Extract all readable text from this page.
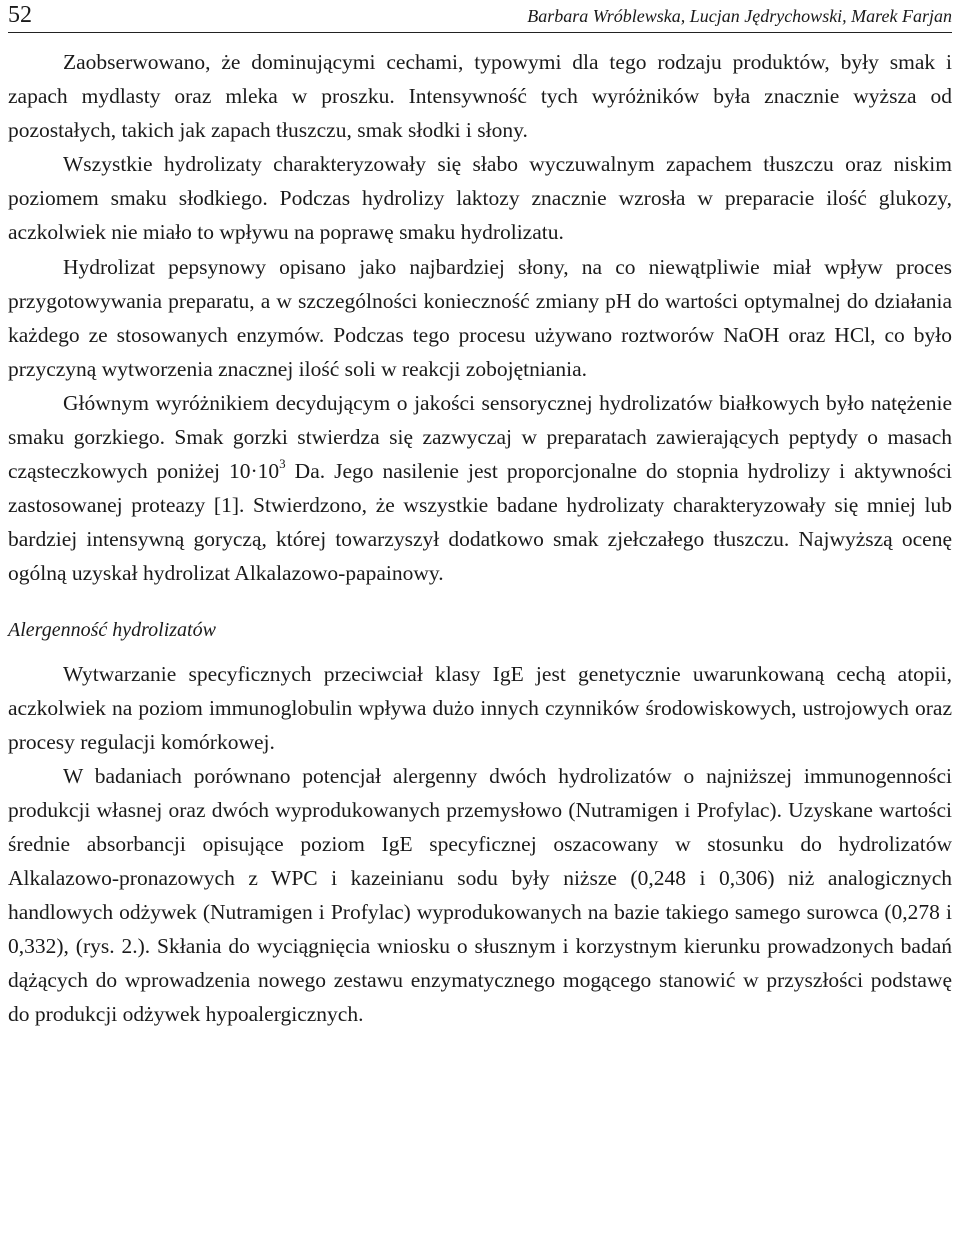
52	Barbara Wróblewska, Lucjan Jędrychowski, Marek Farjan

Zaobserwowano, że dominującymi cechami, typowymi dla tego rodzaju produktów, były smak i zapach mydlasty oraz mleka w proszku. Intensywność tych wyróżników była znacznie wyższa od pozostałych, takich jak zapach tłuszczu, smak słodki i słony.

Wszystkie hydrolizaty charakteryzowały się słabo wyczuwalnym zapachem tłuszczu oraz niskim poziomem smaku słodkiego. Podczas hydrolizy laktozy znacznie wzrosła w preparacie ilość glukozy, aczkolwiek nie miało to wpływu na poprawę smaku hydrolizatu.

Hydrolizat pepsynowy opisano jako najbardziej słony, na co niewątpliwie miał wpływ proces przygotowywania preparatu, a w szczególności konieczność zmiany pH do wartości optymalnej do działania każdego ze stosowanych enzymów. Podczas tego procesu używano roztworów NaOH oraz HCl, co było przyczyną wytworzenia znacznej ilość soli w reakcji zobojętniania.

Głównym wyróżnikiem decydującym o jakości sensorycznej hydrolizatów białkowych było natężenie smaku gorzkiego. Smak gorzki stwierdza się zazwyczaj w preparatach zawierających peptydy o masach cząsteczkowych poniżej $10\cdot 10^3$ Da. Jego nasilenie jest proporcjonalne do stopnia hydrolizy i aktywności zastosowanej proteazy [1]. Stwierdzono, że wszystkie badane hydrolizaty charakteryzowały się mniej lub bardziej intensywną goryczą, której towarzyszył dodatkowo smak zjełczałego tłuszczu. Najwyższą ocenę ogólną uzyskał hydrolizat Alkalazowo-papainowy.

Alergenność hydrolizatów

Wytwarzanie specyficznych przeciwciał klasy IgE jest genetycznie uwarunkowaną cechą atopii, aczkolwiek na poziom immunoglobulin wpływa dużo innych czynników środowiskowych, ustrojowych oraz procesy regulacji komórkowej.

W badaniach porównano potencjał alergenny dwóch hydrolizatów o najniższej immunogenności produkcji własnej oraz dwóch wyprodukowanych przemysłowo (Nutramigen i Profylac). Uzyskane wartości średnie absorbancji opisujące poziom IgE specyficznej oszacowany w stosunku do hydrolizatów Alkalazowo-pronazowych z WPC i kazeinianu sodu były niższe (0,248 i 0,306) niż analogicznych handlowych odżywek (Nutramigen i Profylac) wyprodukowanych na bazie takiego samego surowca (0,278 i 0,332), (rys. 2.). Skłania do wyciągnięcia wniosku o słusznym i korzystnym kierunku prowadzonych badań dążących do wprowadzenia nowego zestawu enzymatycznego mogącego stanowić w przyszłości podstawę do produkcji odżywek hypoalergicznych.
